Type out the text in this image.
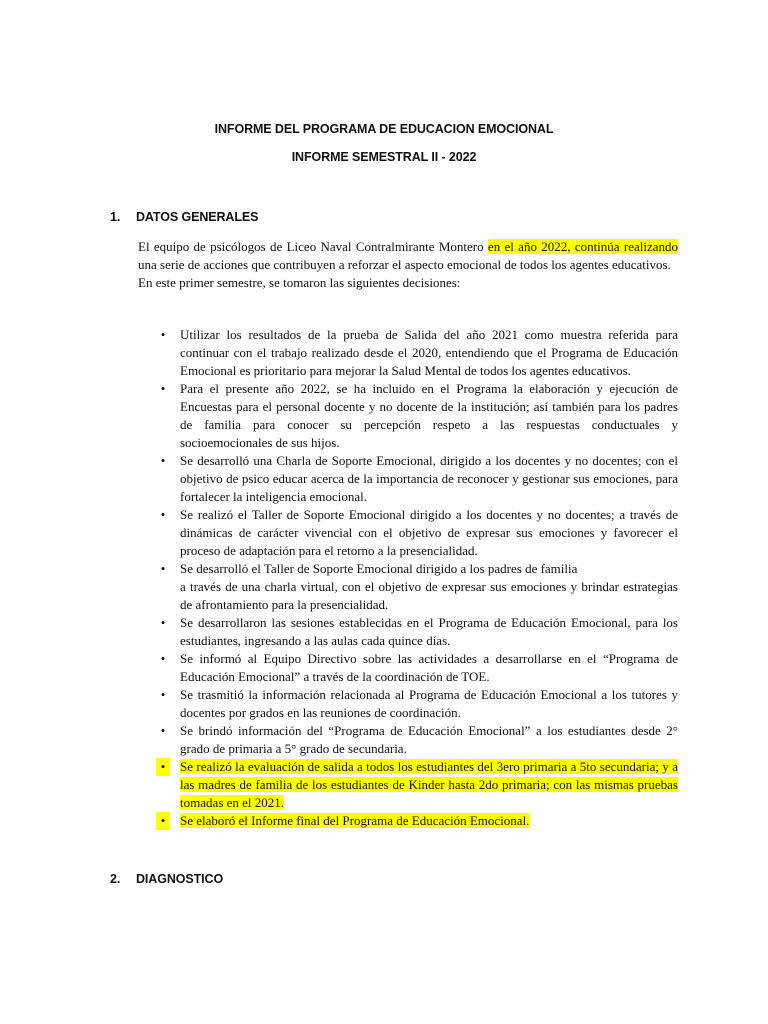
INFORME DEL PROGRAMA DE EDUCACION EMOCIONAL
INFORME SEMESTRAL II - 2022
1. DATOS GENERALES

El equipo de psicólogos de Liceo Naval Contralmirante Montero en el año 2022, continúa realizando una serie de acciones que contribuyen a reforzar el aspecto emocional de todos los agentes educativos.

En este primer semestre, se tomaron las siguientes decisiones:

•	Utilizar los resultados de la prueba de Salida del año 2021 como muestra referida para continuar con el trabajo realizado desde el 2020, entendiendo que el Programa de Educación Emocional es prioritario para mejorar la Salud Mental de todos los agentes educativos.
•	Para el presente año 2022, se ha incluido en el Programa la elaboración y ejecución de Encuestas para el personal docente y no docente de la institución; así también para los padres de familia para conocer su percepción respeto a las respuestas conductuales y socioemocionales de sus hijos.
•	Se desarrolló una Charla de Soporte Emocional, dirigido a los docentes y no docentes; con el objetivo de psico educar acerca de la importancia de reconocer y gestionar sus emociones, para fortalecer la inteligencia emocional.
•	Se realizó el Taller de Soporte Emocional dirigido a los docentes y no docentes; a través de dinámicas de carácter vivencial con el objetivo de expresar sus emociones y favorecer el proceso de adaptación para el retorno a la presencialidad.
•	Se desarrolló el Taller de Soporte Emocional dirigido a los padres de familia
a través de una charla virtual, con el objetivo de expresar sus emociones y brindar estrategias de afrontamiento para la presencialidad.
•	Se desarrollaron las sesiones establecidas en el Programa de Educación Emocional, para los estudiantes, ingresando a las aulas cada quince días.
•	Se informó al Equipo Directivo sobre las actividades a desarrollarse en el “Programa de Educación Emocional” a través de la coordinación de TOE.
•	Se trasmitió la información relacionada al Programa de Educación Emocional a los tutores y docentes por grados en las reuniones de coordinación.
•	Se brindó información del “Programa de Educación Emocional” a los estudiantes desde 2° grado de primaria a 5° grado de secundaria.
•	Se realizó la evaluación de salida a todos los estudiantes del 3ero primaria a 5to secundaria; y a las madres de familia de los estudiantes de Kinder hasta 2do primaria; con las mismas pruebas tomadas en el 2021.
•	Se elaboró el Informe final del Programa de Educación Emocional.
2. DIAGNOSTICO
